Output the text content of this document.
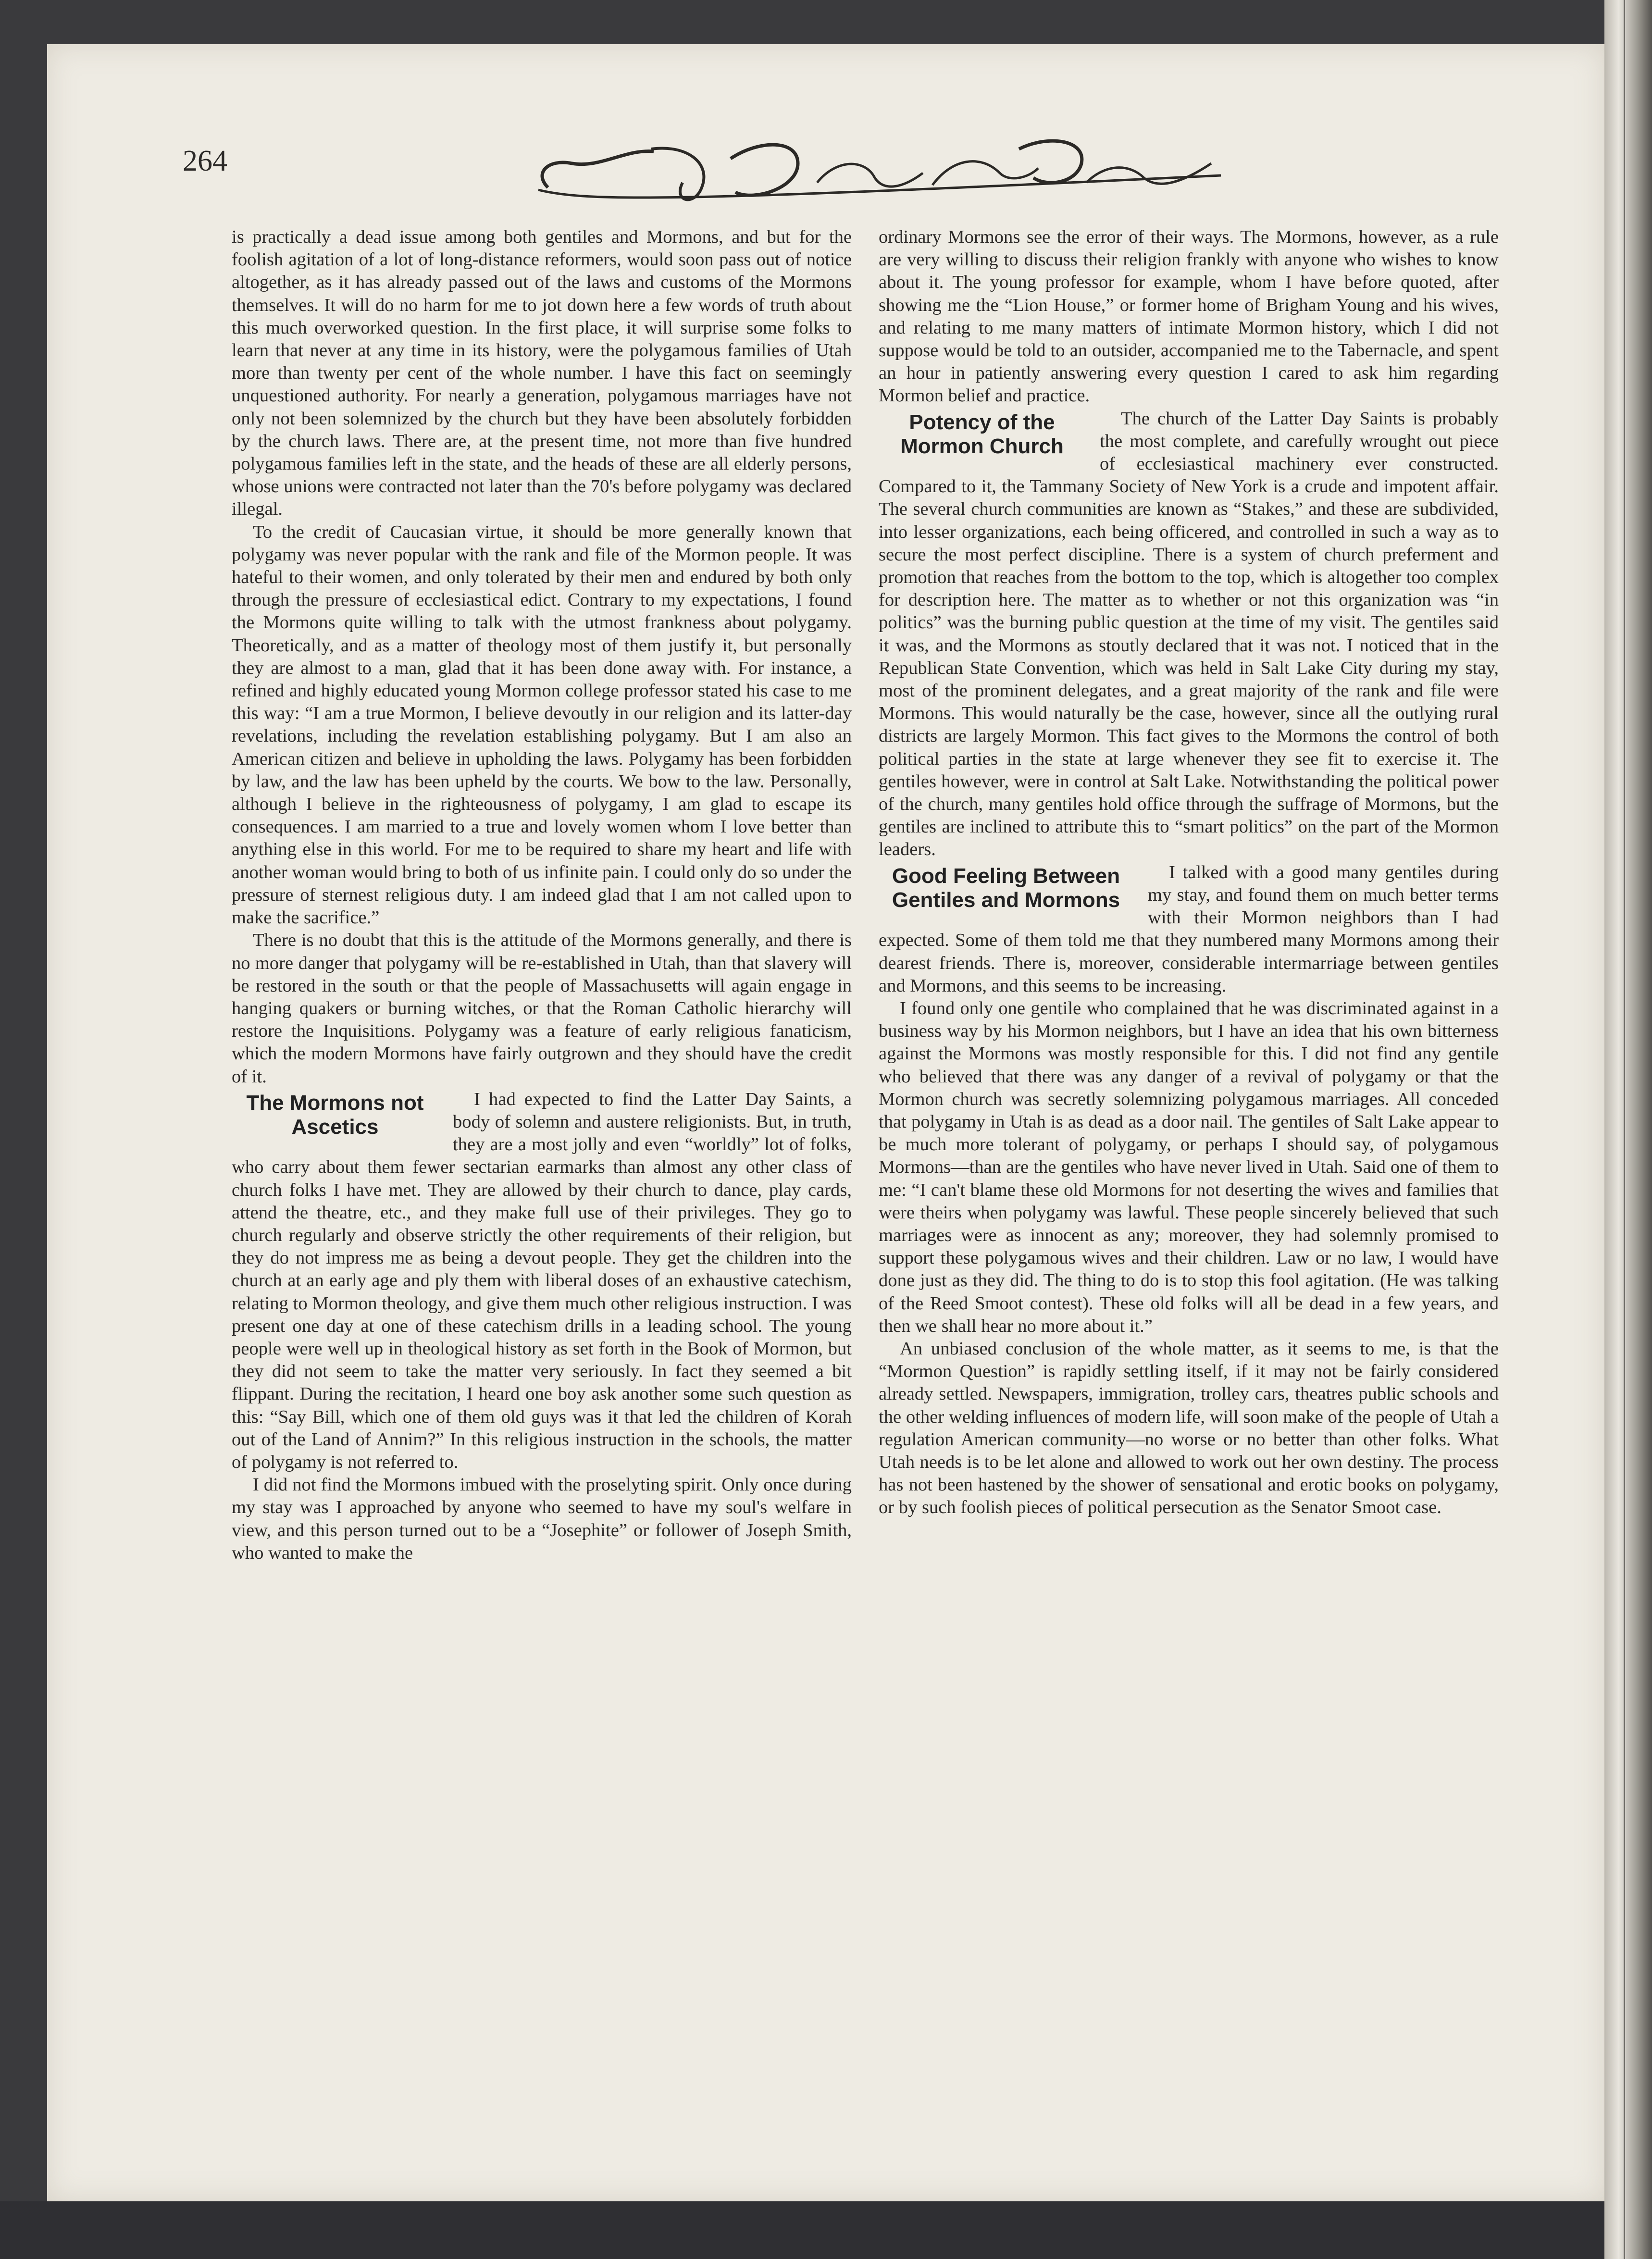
264

is practically a dead issue among both gentiles and Mormons, and but for the foolish agitation of a lot of long-distance reformers, would soon pass out of notice altogether, as it has already passed out of the laws and customs of the Mormons themselves. It will do no harm for me to jot down here a few words of truth about this much overworked question. In the first place, it will surprise some folks to learn that never at any time in its history, were the polygamous families of Utah more than twenty per cent of the whole number. I have this fact on seemingly unquestioned authority. For nearly a generation, polygamous marriages have not only not been solemnized by the church but they have been absolutely forbidden by the church laws. There are, at the present time, not more than five hundred polygamous families left in the state, and the heads of these are all elderly persons, whose unions were contracted not later than the 70's before polygamy was declared illegal.

To the credit of Caucasian virtue, it should be more generally known that polygamy was never popular with the rank and file of the Mormon people. It was hateful to their women, and only tolerated by their men and endured by both only through the pressure of ecclesiastical edict. Contrary to my expectations, I found the Mormons quite willing to talk with the utmost frankness about polygamy. Theoretically, and as a matter of theology most of them justify it, but personally they are almost to a man, glad that it has been done away with. For instance, a refined and highly educated young Mormon college professor stated his case to me this way: “I am a true Mormon, I believe devoutly in our religion and its latter-day revelations, including the revelation establishing polygamy. But I am also an American citizen and believe in upholding the laws. Polygamy has been forbidden by law, and the law has been upheld by the courts. We bow to the law. Personally, although I believe in the righteousness of polygamy, I am glad to escape its consequences. I am married to a true and lovely women whom I love better than anything else in this world. For me to be required to share my heart and life with another woman would bring to both of us infinite pain. I could only do so under the pressure of sternest religious duty. I am indeed glad that I am not called upon to make the sacrifice.”

There is no doubt that this is the attitude of the Mormons generally, and there is no more danger that polygamy will be re-established in Utah, than that slavery will be restored in the south or that the people of Massachusetts will again engage in hanging quakers or burning witches, or that the Roman Catholic hierarchy will restore the Inquisitions. Polygamy was a feature of early religious fanaticism, which the modern Mormons have fairly outgrown and they should have the credit of it.

The Mormons not Ascetics
I had expected to find the Latter Day Saints, a body of solemn and austere religionists. But, in truth, they are a most jolly and even “worldly” lot of folks, who carry about them fewer sectarian earmarks than almost any other class of church folks I have met. They are allowed by their church to dance, play cards, attend the theatre, etc., and they make full use of their privileges. They go to church regularly and observe strictly the other requirements of their religion, but they do not impress me as being a devout people. They get the children into the church at an early age and ply them with liberal doses of an exhaustive catechism, relating to Mormon theology, and give them much other religious instruction. I was present one day at one of these catechism drills in a leading school. The young people were well up in theological history as set forth in the Book of Mormon, but they did not seem to take the matter very seriously. In fact they seemed a bit flippant. During the recitation, I heard one boy ask another some such question as this: “Say Bill, which one of them old guys was it that led the children of Korah out of the Land of Annim?” In this religious instruction in the schools, the matter of polygamy is not referred to.

I did not find the Mormons imbued with the proselyting spirit. Only once during my stay was I approached by anyone who seemed to have my soul's welfare in view, and this person turned out to be a “Josephite” or follower of Joseph Smith, who wanted to make the

ordinary Mormons see the error of their ways. The Mormons, however, as a rule are very willing to discuss their religion frankly with anyone who wishes to know about it. The young professor for example, whom I have before quoted, after showing me the “Lion House,” or former home of Brigham Young and his wives, and relating to me many matters of intimate Mormon history, which I did not suppose would be told to an outsider, accompanied me to the Tabernacle, and spent an hour in patiently answering every question I cared to ask him regarding Mormon belief and practice.

Potency of the Mormon Church
The church of the Latter Day Saints is probably the most complete, and carefully wrought out piece of ecclesiastical machinery ever constructed. Compared to it, the Tammany Society of New York is a crude and impotent affair. The several church communities are known as “Stakes,” and these are subdivided, into lesser organizations, each being officered, and controlled in such a way as to secure the most perfect discipline. There is a system of church preferment and promotion that reaches from the bottom to the top, which is altogether too complex for description here. The matter as to whether or not this organization was “in politics” was the burning public question at the time of my visit. The gentiles said it was, and the Mormons as stoutly declared that it was not. I noticed that in the Republican State Convention, which was held in Salt Lake City during my stay, most of the prominent delegates, and a great majority of the rank and file were Mormons. This would naturally be the case, however, since all the outlying rural districts are largely Mormon. This fact gives to the Mormons the control of both political parties in the state at large whenever they see fit to exercise it. The gentiles however, were in control at Salt Lake. Notwithstanding the political power of the church, many gentiles hold office through the suffrage of Mormons, but the gentiles are inclined to attribute this to “smart politics” on the part of the Mormon leaders.

Good Feeling Between Gentiles and Mormons
I talked with a good many gentiles during my stay, and found them on much better terms with their Mormon neighbors than I had expected. Some of them told me that they numbered many Mormons among their dearest friends. There is, moreover, considerable intermarriage between gentiles and Mormons, and this seems to be increasing.

I found only one gentile who complained that he was discriminated against in a business way by his Mormon neighbors, but I have an idea that his own bitterness against the Mormons was mostly responsible for this. I did not find any gentile who believed that there was any danger of a revival of polygamy or that the Mormon church was secretly solemnizing polygamous marriages. All conceded that polygamy in Utah is as dead as a door nail. The gentiles of Salt Lake appear to be much more tolerant of polygamy, or perhaps I should say, of polygamous Mormons—than are the gentiles who have never lived in Utah. Said one of them to me: “I can't blame these old Mormons for not deserting the wives and families that were theirs when polygamy was lawful. These people sincerely believed that such marriages were as innocent as any; moreover, they had solemnly promised to support these polygamous wives and their children. Law or no law, I would have done just as they did. The thing to do is to stop this fool agitation. (He was talking of the Reed Smoot contest). These old folks will all be dead in a few years, and then we shall hear no more about it.”

An unbiased conclusion of the whole matter, as it seems to me, is that the “Mormon Question” is rapidly settling itself, if it may not be fairly considered already settled. Newspapers, immigration, trolley cars, theatres public schools and the other welding influences of modern life, will soon make of the people of Utah a regulation American community—no worse or no better than other folks. What Utah needs is to be let alone and allowed to work out her own destiny. The process has not been hastened by the shower of sensational and erotic books on polygamy, or by such foolish pieces of political persecution as the Senator Smoot case.
